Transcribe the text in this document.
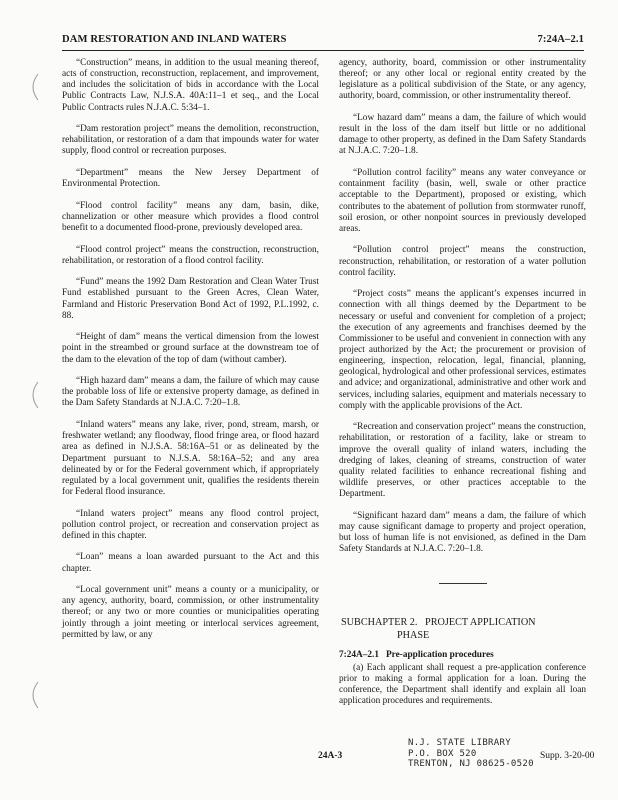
DAM RESTORATION AND INLAND WATERS	7:24A–2.1

“Construction” means, in addition to the usual meaning thereof, acts of construction, reconstruction, replacement, and improvement, and includes the solicitation of bids in accordance with the Local Public Contracts Law, N.J.S.A. 40A:11–1 et seq., and the Local Public Contracts rules N.J.A.C. 5:34–1.

“Dam restoration project” means the demolition, reconstruction, rehabilitation, or restoration of a dam that impounds water for water supply, flood control or recreation purposes.

“Department” means the New Jersey Department of Environmental Protection.

“Flood control facility” means any dam, basin, dike, channelization or other measure which provides a flood control benefit to a documented flood-prone, previously developed area.

“Flood control project” means the construction, reconstruction, rehabilitation, or restoration of a flood control facility.

“Fund” means the 1992 Dam Restoration and Clean Water Trust Fund established pursuant to the Green Acres, Clean Water, Farmland and Historic Preservation Bond Act of 1992, P.L.1992, c. 88.

“Height of dam” means the vertical dimension from the lowest point in the streambed or ground surface at the downstream toe of the dam to the elevation of the top of dam (without camber).

“High hazard dam” means a dam, the failure of which may cause the probable loss of life or extensive property damage, as defined in the Dam Safety Standards at N.J.A.C. 7:20–1.8.

“Inland waters” means any lake, river, pond, stream, marsh, or freshwater wetland; any floodway, flood fringe area, or flood hazard area as defined in N.J.S.A. 58:16A–51 or as delineated by the Department pursuant to N.J.S.A. 58:16A–52; and any area delineated by or for the Federal government which, if appropriately regulated by a local government unit, qualifies the residents therein for Federal flood insurance.

“Inland waters project” means any flood control project, pollution control project, or recreation and conservation project as defined in this chapter.

“Loan” means a loan awarded pursuant to the Act and this chapter.

“Local government unit” means a county or a municipality, or any agency, authority, board, commission, or other instrumentality thereof; or any two or more counties or municipalities operating jointly through a joint meeting or interlocal services agreement, permitted by law, or any

agency, authority, board, commission or other instrumentality thereof; or any other local or regional entity created by the legislature as a political subdivision of the State, or any agency, authority, board, commission, or other instrumentality thereof.

“Low hazard dam” means a dam, the failure of which would result in the loss of the dam itself but little or no additional damage to other property, as defined in the Dam Safety Standards at N.J.A.C. 7:20–1.8.

“Pollution control facility” means any water conveyance or containment facility (basin, well, swale or other practice acceptable to the Department), proposed or existing, which contributes to the abatement of pollution from stormwater runoff, soil erosion, or other nonpoint sources in previously developed areas.

“Pollution control project” means the construction, reconstruction, rehabilitation, or restoration of a water pollution control facility.

“Project costs” means the applicant’s expenses incurred in connection with all things deemed by the Department to be necessary or useful and convenient for completion of a project; the execution of any agreements and franchises deemed by the Commissioner to be useful and convenient in connection with any project authorized by the Act; the procurement or provision of engineering, inspection, relocation, legal, financial, planning, geological, hydrological and other professional services, estimates and advice; and organizational, administrative and other work and services, including salaries, equipment and materials necessary to comply with the applicable provisions of the Act.

“Recreation and conservation project” means the construction, rehabilitation, or restoration of a facility, lake or stream to improve the overall quality of inland waters, including the dredging of lakes, cleaning of streams, construction of water quality related facilities to enhance recreational fishing and wildlife preserves, or other practices acceptable to the Department.

“Significant hazard dam” means a dam, the failure of which may cause significant damage to property and project operation, but loss of human life is not envisioned, as defined in the Dam Safety Standards at N.J.A.C. 7:20–1.8.

SUBCHAPTER 2.   PROJECT APPLICATION
PHASE
7:24A–2.1   Pre-application procedures

(a) Each applicant shall request a pre-application conference prior to making a formal application for a loan. During the conference, the Department shall identify and explain all loan application procedures and requirements.

N.J. STATE LIBRARY
P.O. BOX 520
TRENTON, NJ 08625-0520
24A-3	Supp. 3-20-00
